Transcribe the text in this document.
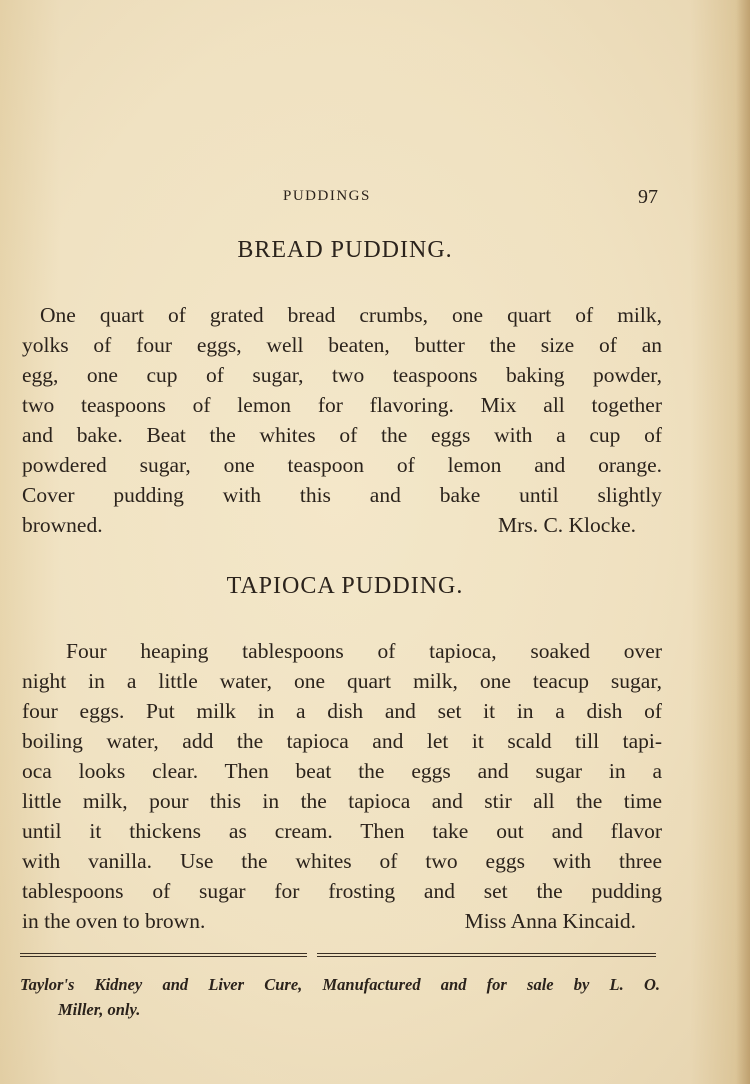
PUDDINGS	97
BREAD PUDDING.
One quart of grated bread crumbs, one quart of milk,
yolks of four eggs, well beaten, butter the size of an
egg, one cup of sugar, two teaspoons baking powder,
two teaspoons of lemon for flavoring. Mix all together
and bake. Beat the whites of the eggs with a cup of
powdered sugar, one teaspoon of lemon and orange.
Cover pudding with this and bake until slightly
browned.	Mrs. C. Klocke.
TAPIOCA PUDDING.
Four heaping tablespoons of tapioca, soaked over
night in a little water, one quart milk, one teacup sugar,
four eggs. Put milk in a dish and set it in a dish of
boiling water, add the tapioca and let it scald till tapi-
oca looks clear. Then beat the eggs and sugar in a
little milk, pour this in the tapioca and stir all the time
until it thickens as cream. Then take out and flavor
with vanilla. Use the whites of two eggs with three
tablespoons of sugar for frosting and set the pudding
in the oven to brown.	Miss Anna Kincaid.
Taylor's Kidney and Liver Cure, Manufactured and for sale by L. O.
Miller, only.
